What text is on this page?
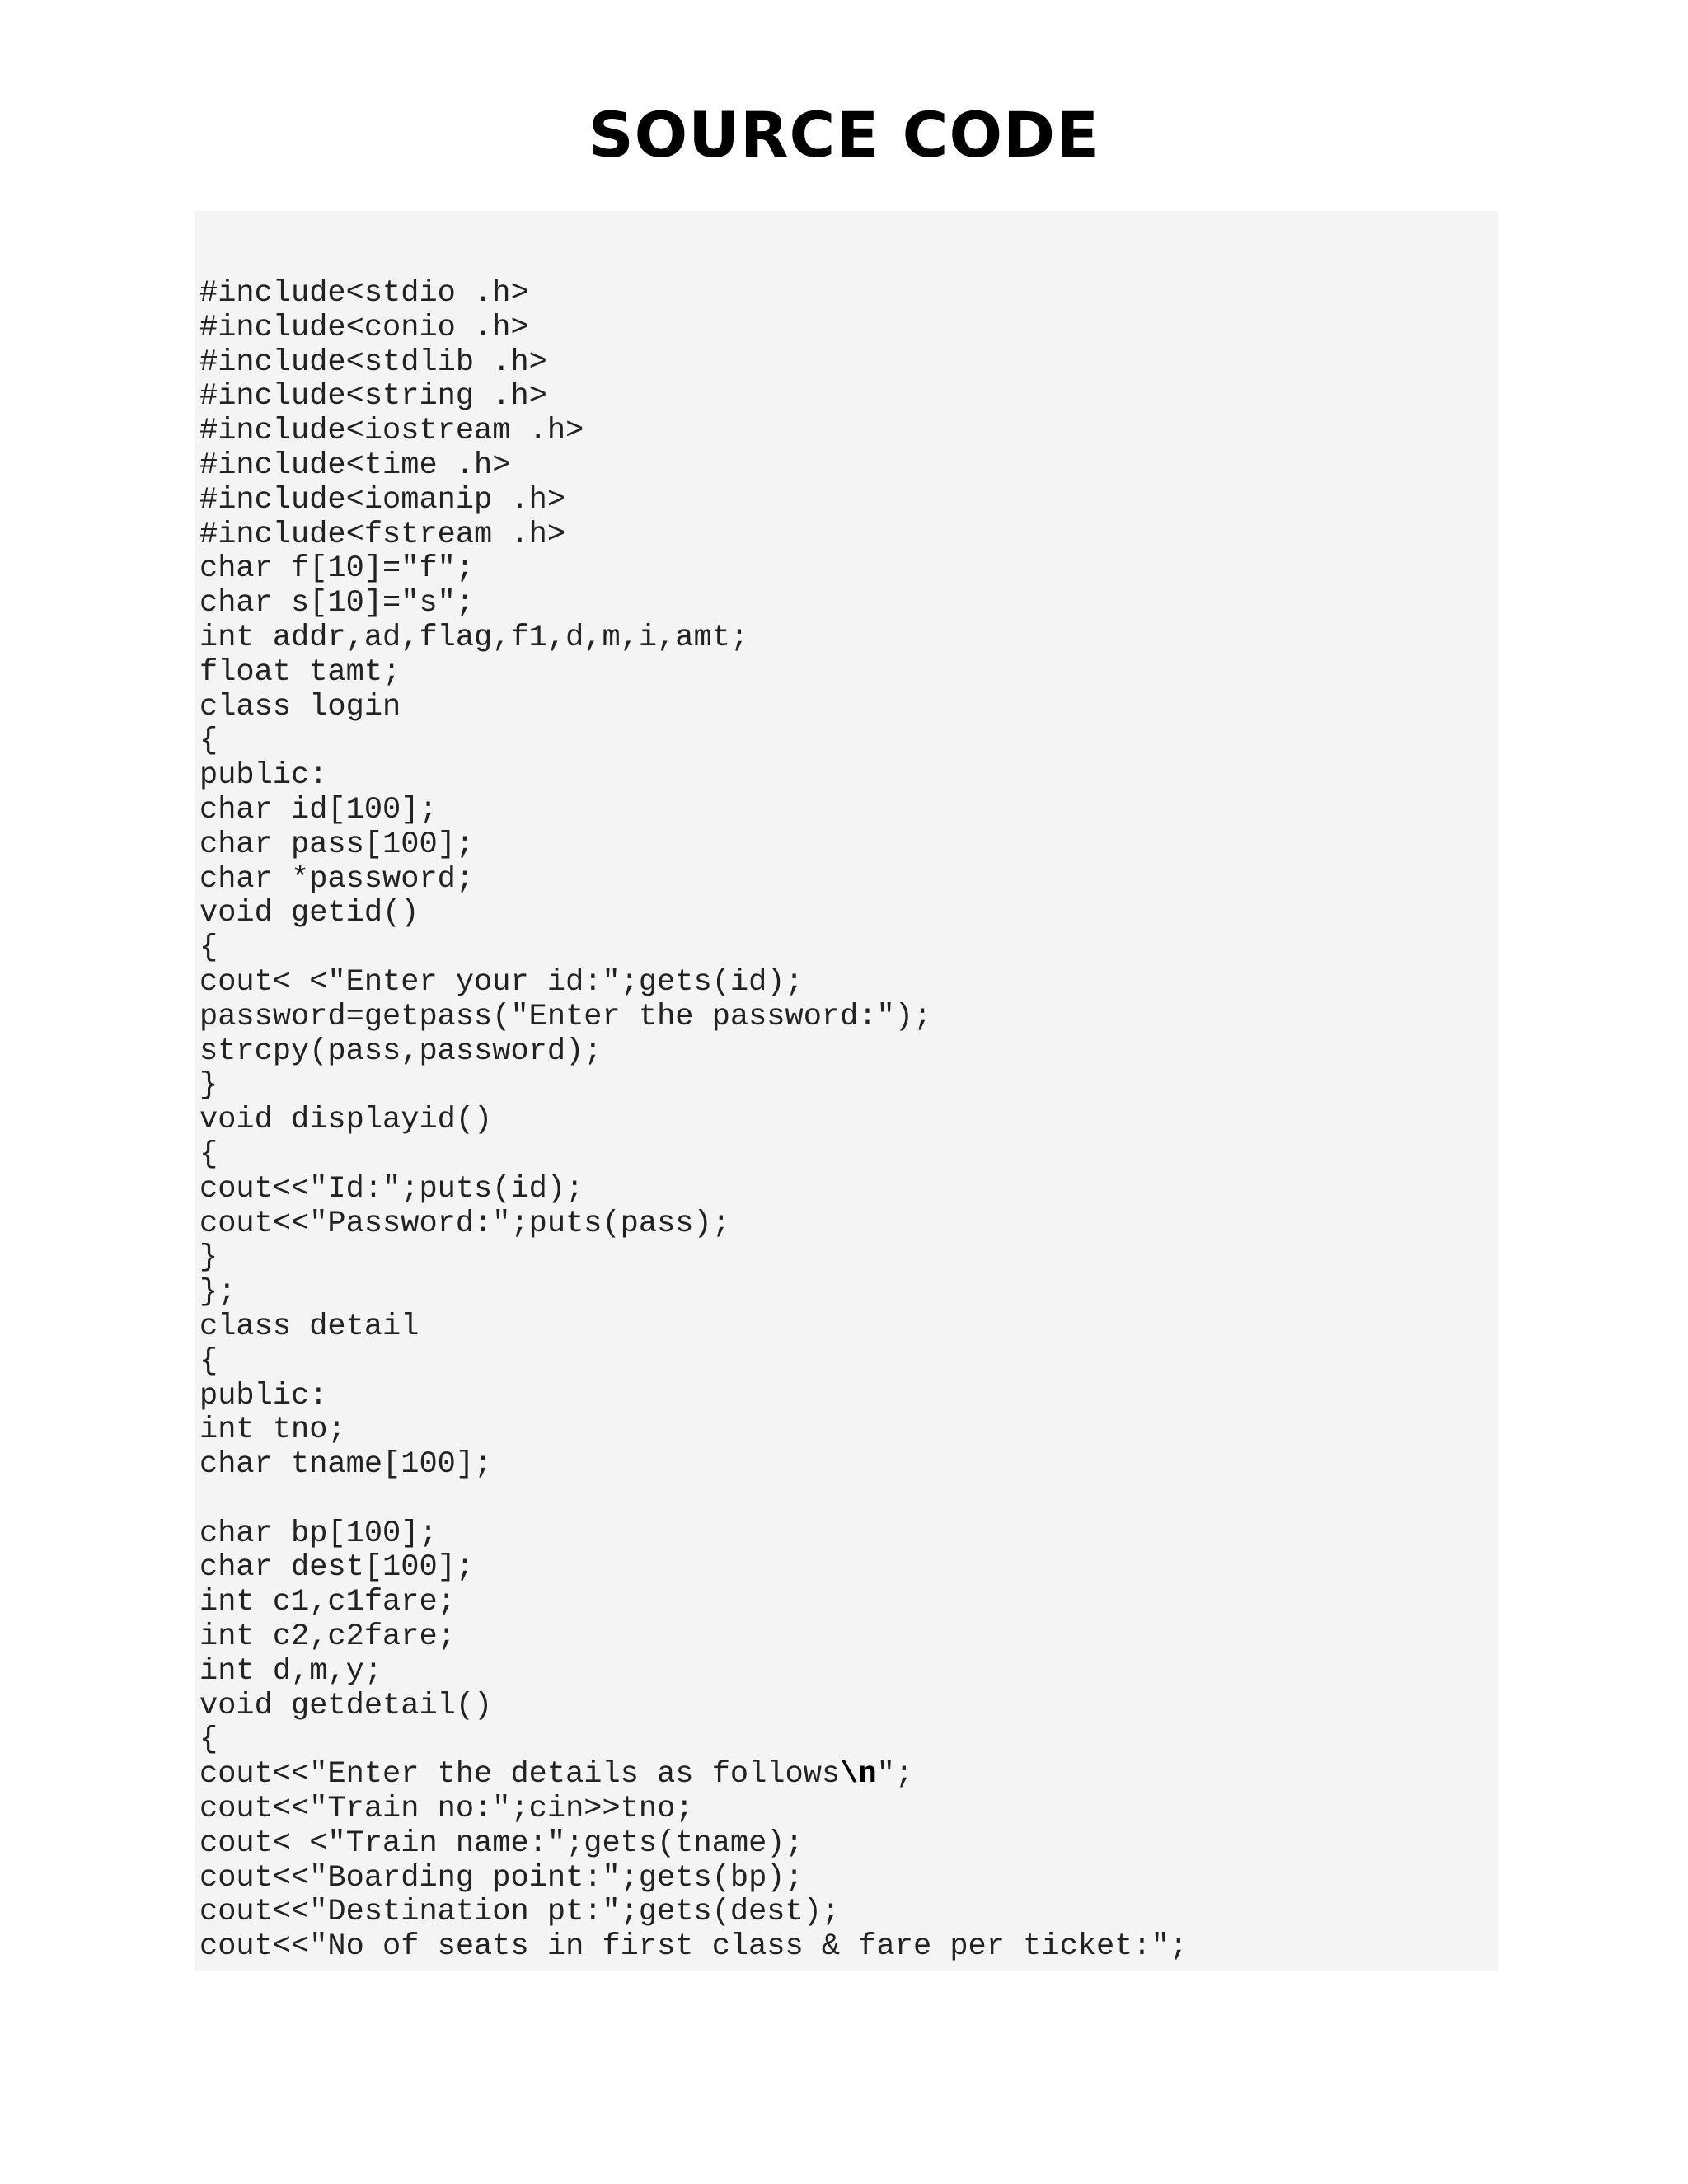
SOURCE CODE
#include<stdio .h>
#include<conio .h>
#include<stdlib .h>
#include<string .h>
#include<iostream .h>
#include<time .h>
#include<iomanip .h>
#include<fstream .h>
char f[10]="f";
char s[10]="s";
int addr,ad,flag,f1,d,m,i,amt;
float tamt;
class login
{
public:
char id[100];
char pass[100];
char *password;
void getid()
{
cout< <"Enter your id:";gets(id);
password=getpass("Enter the password:");
strcpy(pass,password);
}
void displayid()
{
cout<<"Id:";puts(id);
cout<<"Password:";puts(pass);
}
};
class detail
{
public:
int tno;
char tname[100];
char bp[100];
char dest[100];
int c1,c1fare;
int c2,c2fare;
int d,m,y;
void getdetail()
{
cout<<"Enter the details as follows\n";
cout<<"Train no:";cin>>tno;
cout< <"Train name:";gets(tname);
cout<<"Boarding point:";gets(bp);
cout<<"Destination pt:";gets(dest);
cout<<"No of seats in first class & fare per ticket:";
